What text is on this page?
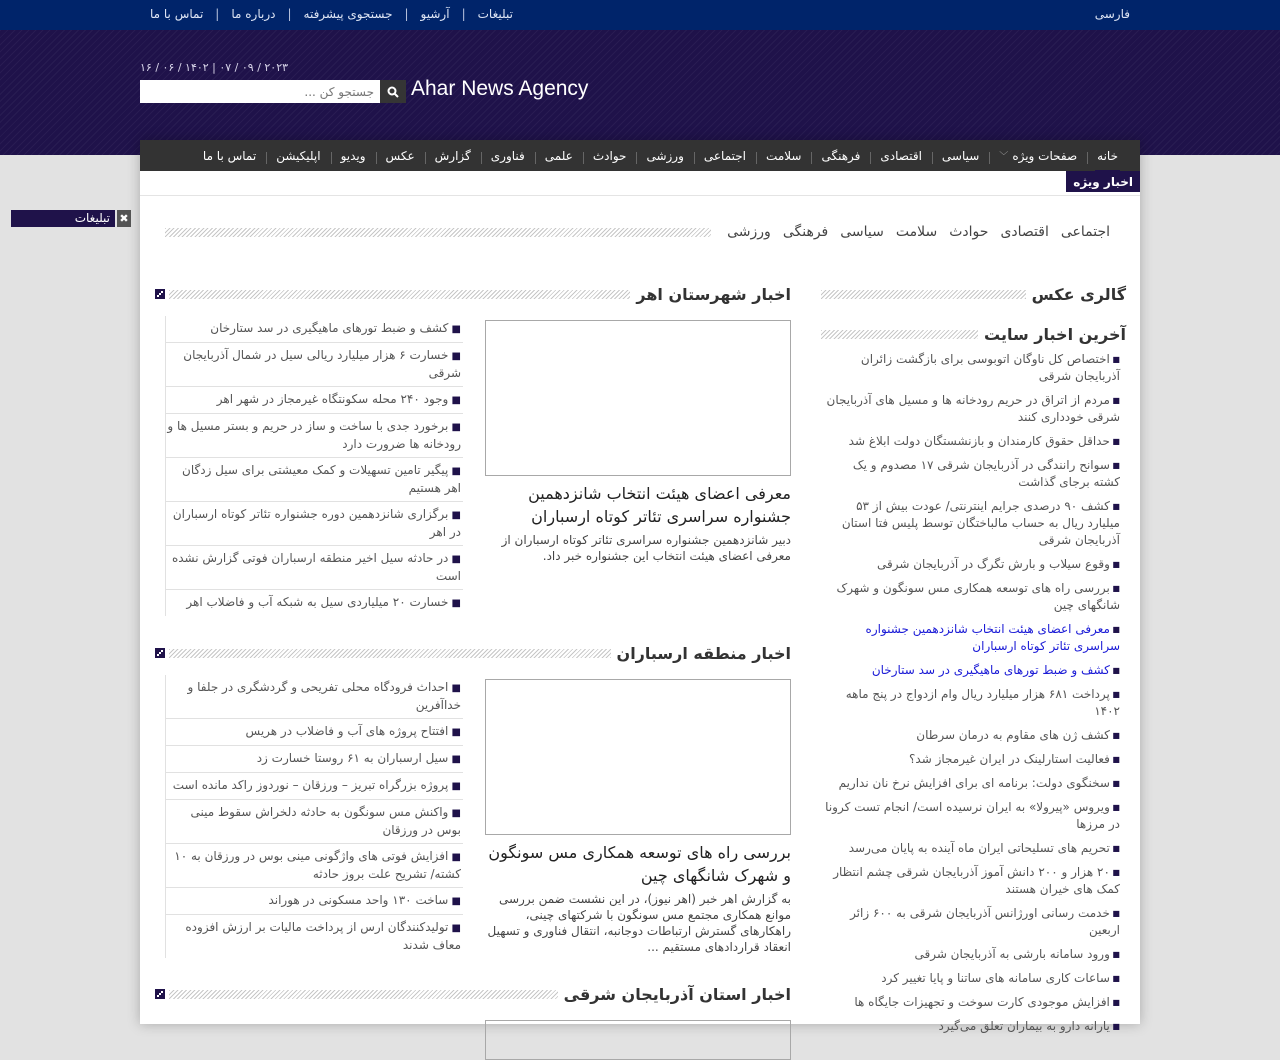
تماس با ما | درباره ما | جستجوی پیشرفته | آرشیو | تبلیغات	فارسی
۱۶ / ۰۶ / ۱۴۰۲ | ۰۷ / ۰۹ / ۲۰۲۳
جستجو کن ...
Ahar News Agency
تبلیغات ✖
خانه
صفحات ویژه
﹀
سیاسی
اقتصادی
فرهنگی
سلامت
اجتماعی
ورزشی
حوادث
علمی
فناوری
گزارش
عکس
ویدیو
اپلیکیشن
تماس با ما
اخبار ویژه
اجتماعی
اقتصادی
حوادث
سلامت
سیاسی
فرهنگی
ورزشی
گالری عکس
آخرین اخبار سایت
■ اختصاص کل ناوگان اتوبوسی برای بازگشت زائران آذربایجان شرقی
■ مردم از اتراق در حریم رودخانه ها و مسیل های آذربایجان شرقی خودداری کنند
■ حداقل حقوق کارمندان و بازنشستگان دولت ابلاغ شد
■ سوانح رانندگی در آذربایجان شرقی ۱۷ مصدوم و یک کشته برجای گذاشت
■ کشف ۹۰ درصدی جرایم اینترنتی/ عودت بیش از ۵۳ میلیارد ریال به حساب مالباختگان توسط پلیس فتا استان آذربایجان شرقی
■ وقوع سیلاب و بارش تگرگ در آذربایجان شرقی
■ بررسی راه های توسعه همکاری مس سونگون و شهرک شانگهای چین
■ معرفی اعضای هیئت انتخاب شانزدهمین جشنواره سراسری تئاتر کوتاه ارسباران
■ کشف و ضبط تورهای ماهیگیری در سد ستارخان
■ پرداخت ۶۸۱ هزار میلیارد ریال وام ازدواج در پنج ماهه ۱۴۰۲
■ کشف ژن های مقاوم به درمان سرطان
■ فعالیت استارلینک در ایران غیرمجاز شد؟
■ سخنگوی دولت: برنامه ای برای افزایش نرخ نان نداریم
■ ویروس «پیرولا» به ایران نرسیده است/ انجام تست کرونا در مرزها
■ تحریم های تسلیحاتی ایران ماه آینده به پایان می‌رسد
■ ۲۰ هزار و ۲۰۰ دانش آموز آذربایجان شرقی چشم انتظار کمک های خیران هستند
■ خدمت رسانی اورژانس آذربایجان شرقی به ۶۰۰ زائر اربعین
■ ورود سامانه بارشی به آذربایجان شرقی
■ ساعات کاری سامانه های ساتنا و پایا تغییر کرد
■ افزایش موجودی کارت سوخت و تجهیزات جایگاه ها
■ یارانه دارو به بیماران تعلق می‌گیرد
اخبار شهرستان اهر
معرفی اعضای هیئت انتخاب شانزدهمین جشنواره سراسری تئاتر کوتاه ارسباران
دبیر شانزدهمین جشنواره سراسری تئاتر کوتاه ارسباران از معرفی اعضای هیئت انتخاب این جشنواره خبر داد.
■ کشف و ضبط تورهای ماهیگیری در سد ستارخان
■ خسارت ۶ هزار میلیارد ریالی سیل در شمال آذربایجان شرقی
■ وجود ۲۴۰ محله سکونتگاه غیرمجاز در شهر اهر
■ برخورد جدی با ساخت و ساز در حریم و بستر مسیل ها و رودخانه ها ضرورت دارد
■ پیگیر تامین تسهیلات و کمک معیشتی برای سیل زدگان اهر هستیم
■ برگزاری شانزدهمین دوره جشنواره تئاتر کوتاه ارسباران در اهر
■ در حادثه سیل اخیر منطقه ارسباران فوتی گزارش نشده است
■ خسارت ۲۰ میلیاردی سیل به شبکه آب و فاضلاب اهر
اخبار منطقه ارسباران
بررسی راه های توسعه همکاری مس سونگون و شهرک شانگهای چین
به گزارش اهر خبر (اهر نیوز)، در این نشست ضمن بررسی موانع همکاری مجتمع مس سونگون با شرکتهای چینی، راهکارهای گسترش ارتباطات دوجانبه، انتقال فناوری و تسهیل انعقاد قراردادهای مستقیم ...
■ احداث فرودگاه محلی تفریحی و گردشگری در جلفا و خداآفرین
■ افتتاح پروژه های آب و فاضلاب در هریس
■ سیل ارسباران به ۶۱ روستا خسارت زد
■ پروژه بزرگراه تبریز – ورزقان – نوردوز راکد مانده است
■ واکنش مس سونگون به حادثه دلخراش سقوط مینی بوس در ورزقان
■ افزایش فوتی های واژگونی مینی بوس در ورزقان به ۱۰ کشته/ تشریح علت بروز حادثه
■ ساخت ۱۳۰ واحد مسکونی در هوراند
■ تولیدکنندگان ارس از پرداخت مالیات بر ارزش افزوده معاف شدند
اخبار استان آذربایجان شرقی
